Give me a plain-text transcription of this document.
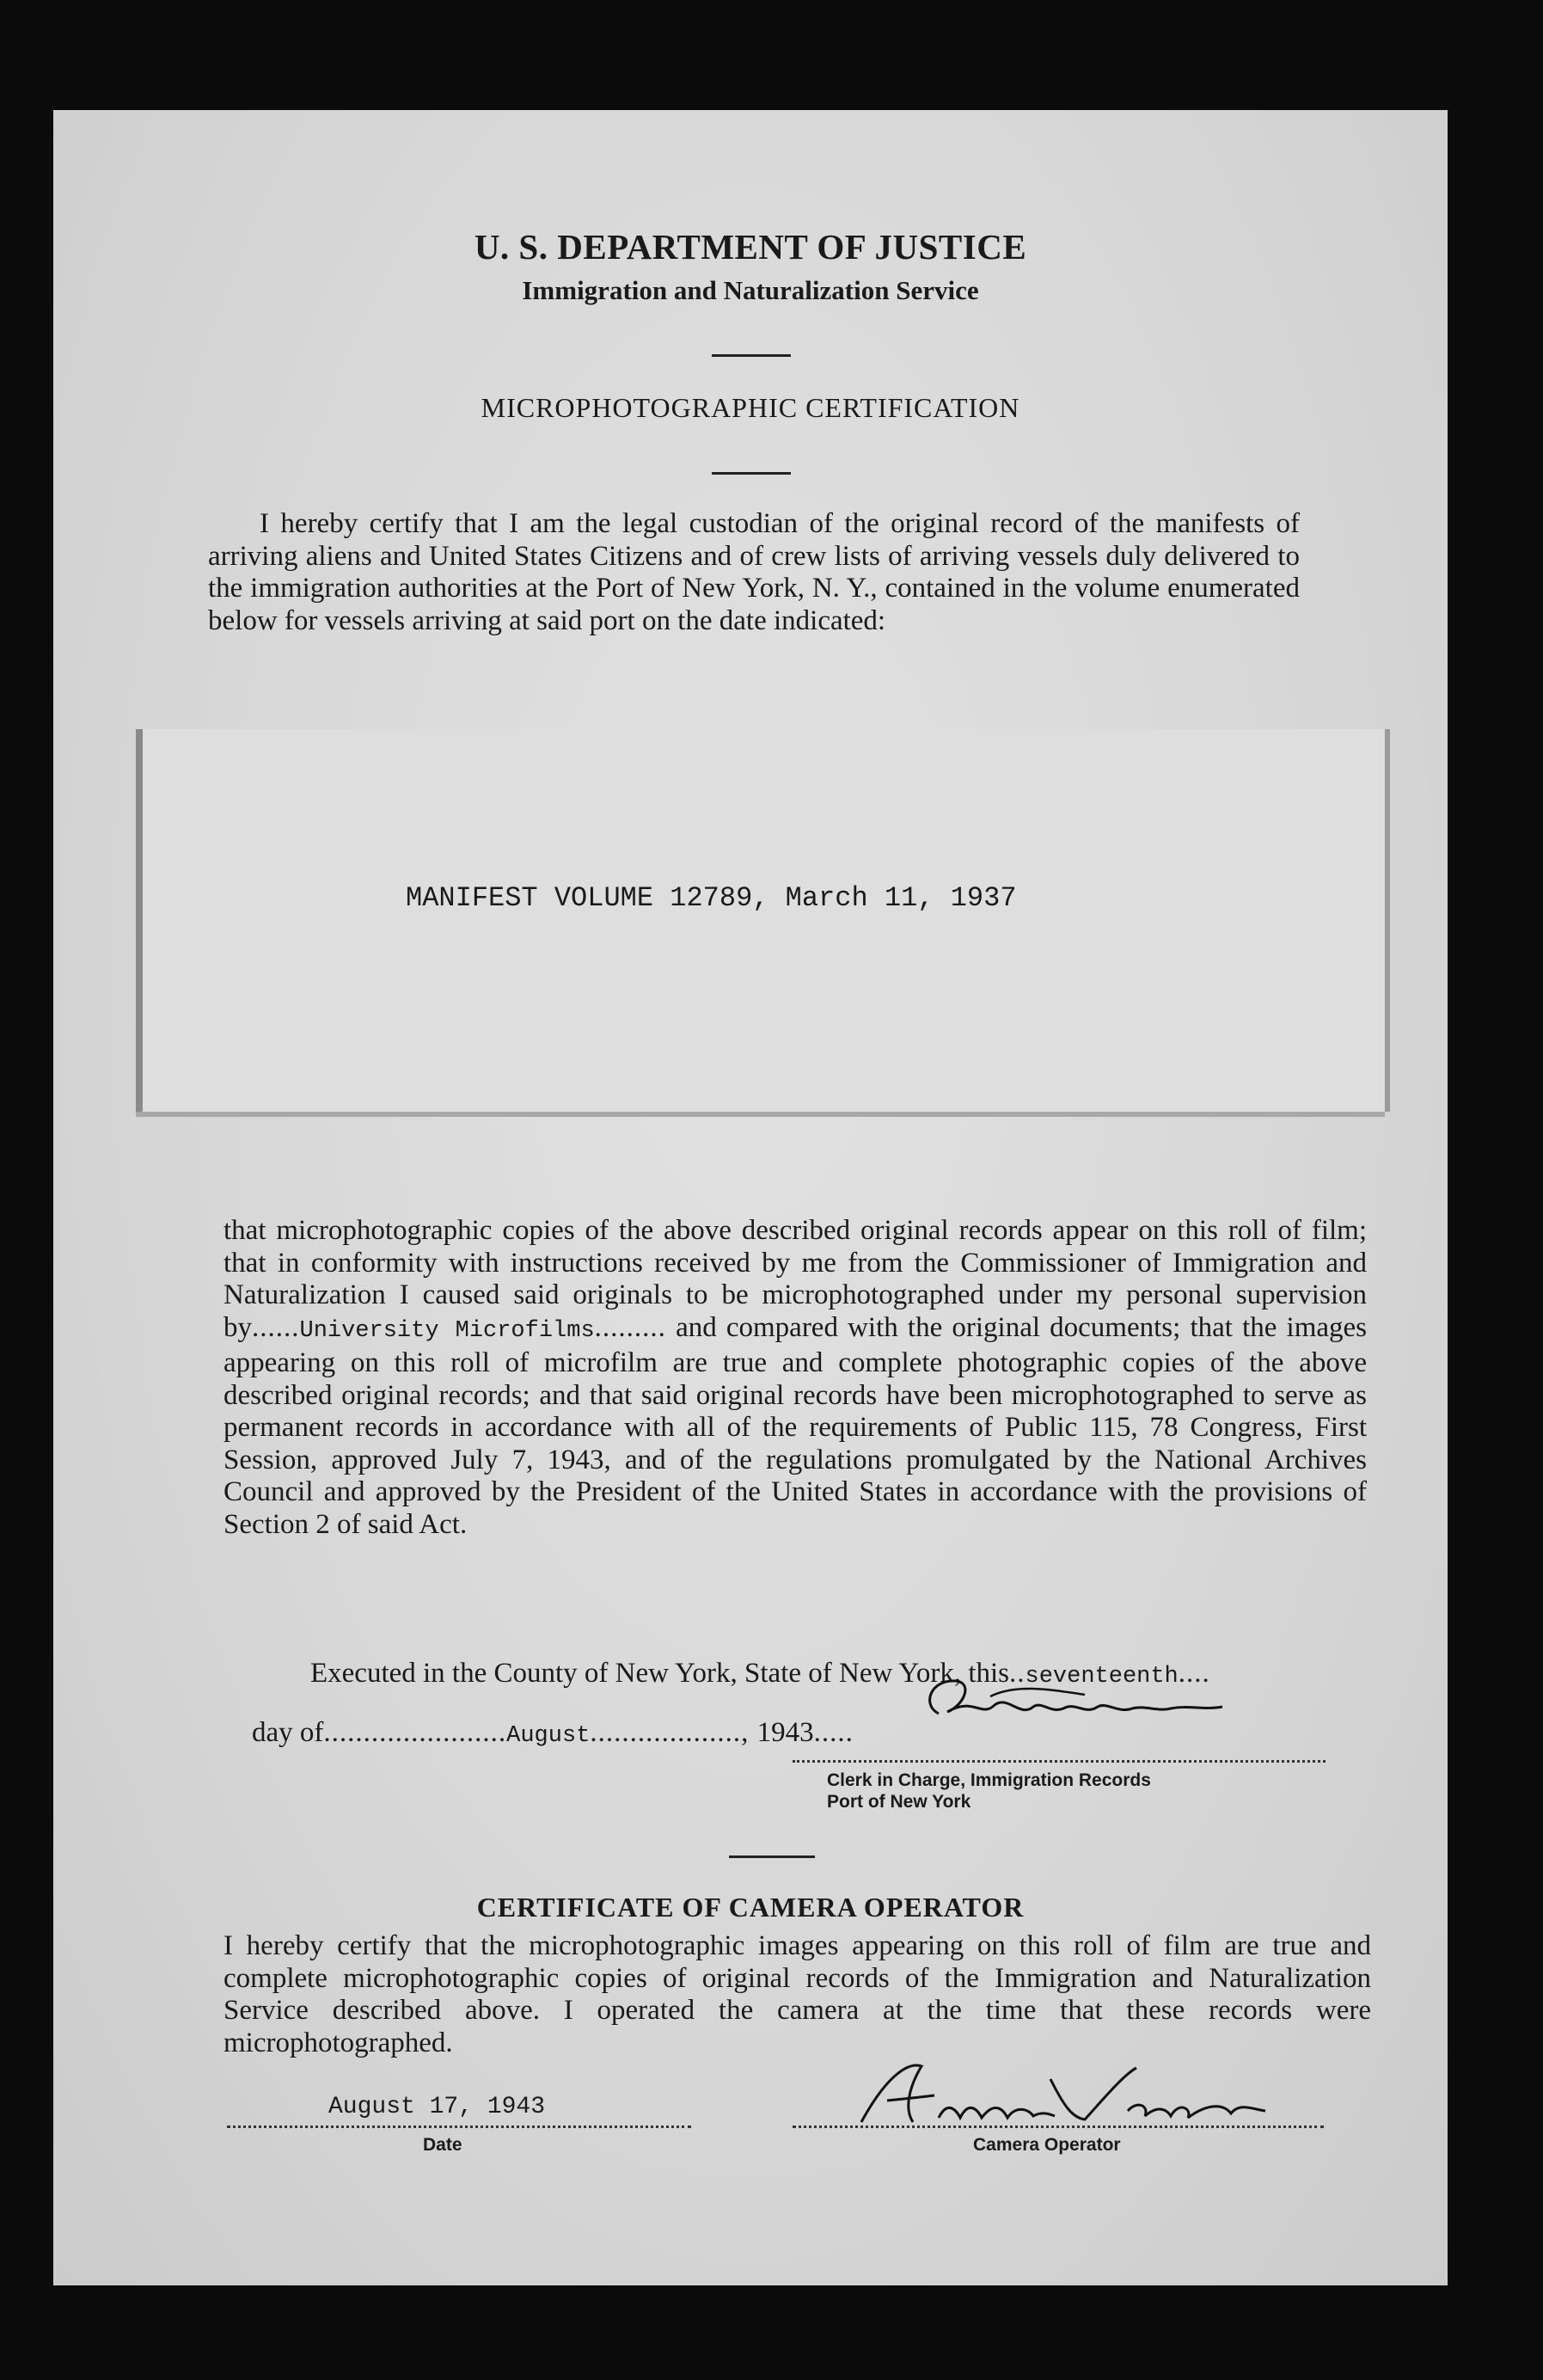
U. S. DEPARTMENT OF JUSTICE
Immigration and Naturalization Service
MICROPHOTOGRAPHIC CERTIFICATION

I hereby certify that I am the legal custodian of the original record of the manifests of arriving aliens and United States Citizens and of crew lists of arriving vessels duly delivered to the immigration authorities at the Port of New York, N. Y., contained in the volume enumerated below for vessels arriving at said port on the date indicated:

MANIFEST VOLUME 12789, March 11, 1937

that microphotographic copies of the above described original records appear on this roll of film; that in conformity with instructions received by me from the Commissioner of Immigration and Naturalization I caused said originals to be microphotographed under my personal supervision by......University Microfilms......... and compared with the original documents; that the images appearing on this roll of microfilm are true and complete photographic copies of the above described original records; and that said original records have been microphotographed to serve as permanent records in accordance with all of the requirements of Public 115, 78 Congress, First Session, approved July 7, 1943, and of the regulations promulgated by the National Archives Council and approved by the President of the United States in accordance with the provisions of Section 2 of said Act.

Executed in the County of New York, State of New York, this..seventeenth....

day of.......................August..................., 1943.....

Clerk in Charge, Immigration Records
Port of New York
CERTIFICATE OF CAMERA OPERATOR

I hereby certify that the microphotographic images appearing on this roll of film are true and complete microphotographic copies of original records of the Immigration and Naturalization Service described above. I operated the camera at the time that these records were microphotographed.

August 17, 1943
Date	Camera Operator
